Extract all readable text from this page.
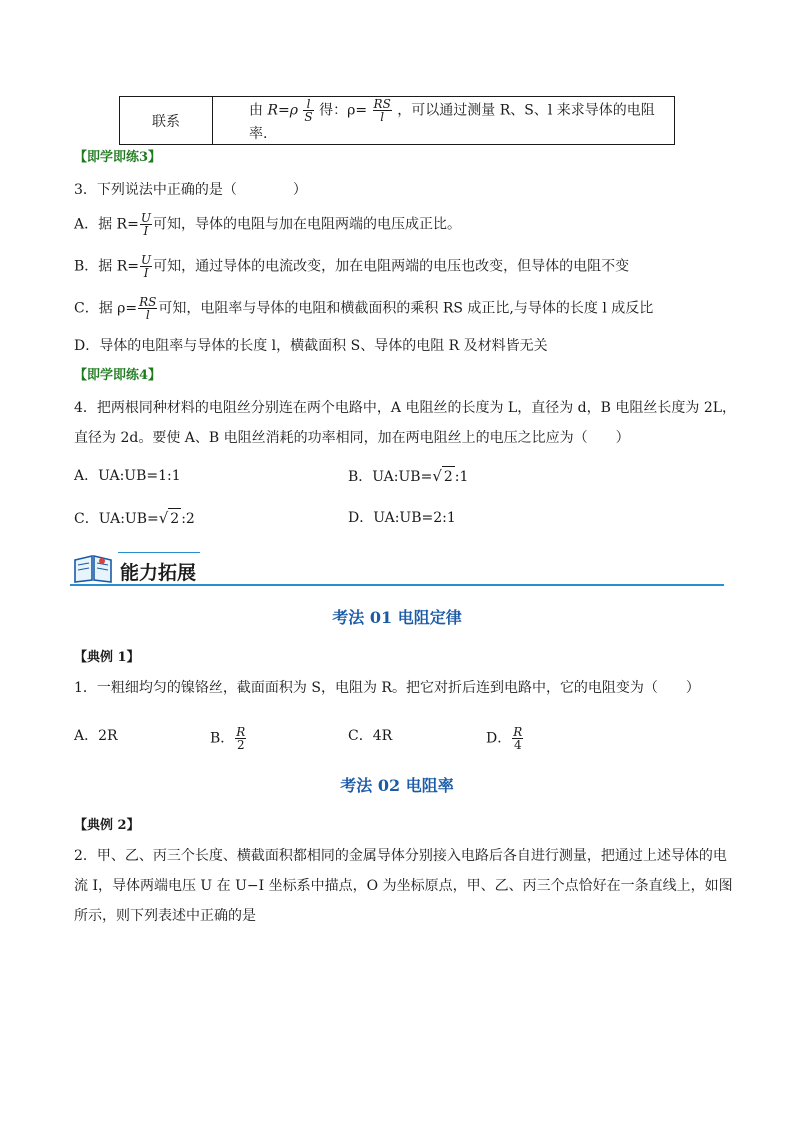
联系	由 $R=\rho \frac{l}{S}$ 得：$\rho= \frac{RS}{l}$ ，可以通过测量 R、S、l 来求导体的电阻率.
【即学即练3】
3．下列说法中正确的是（　　　　）
A．据 $R= \frac{U}{I}$ 可知，导体的电阻与加在电阻两端的电压成正比。
B．据 $R= \frac{U}{I}$ 可知，通过导体的电流改变，加在电阻两端的电压也改变，但导体的电阻不变
C．据 $\rho= \frac{RS}{l}$ 可知，电阻率与导体的电阻和横截面积的乘积 RS 成正比,与导体的长度 l 成反比
D．导体的电阻率与导体的长度 l，横截面积 S、导体的电阻 R 及材料皆无关
【即学即练4】
4．把两根同种材料的电阻丝分别连在两个电路中，A 电阻丝的长度为 L，直径为 d，B 电阻丝长度为 2L，
直径为 2d。要使 A、B 电阻丝消耗的功率相同，加在两电阻丝上的电压之比应为（　　）
A．UA:UB=1:1	B．UA:UB=√ 2 :1
C．UA:UB=√ 2 :2	D．UA:UB=2:1
能力拓展
考法 01 电阻定律
【典例 1】
1．一粗细均匀的镍铬丝，截面面积为 S，电阻为 R。把它对折后连到电路中，它的电阻变为（　　）
A．2R	B． $\frac{R}{2}$	C．4R	D． $\frac{R}{4}$
考法 02 电阻率
【典例 2】
2．甲、乙、丙三个长度、横截面积都相同的金属导体分别接入电路后各自进行测量，把通过上述导体的电
流 I，导体两端电压 U 在 U−I 坐标系中描点，O 为坐标原点，甲、乙、丙三个点恰好在一条直线上，如图
所示，则下列表述中正确的是
